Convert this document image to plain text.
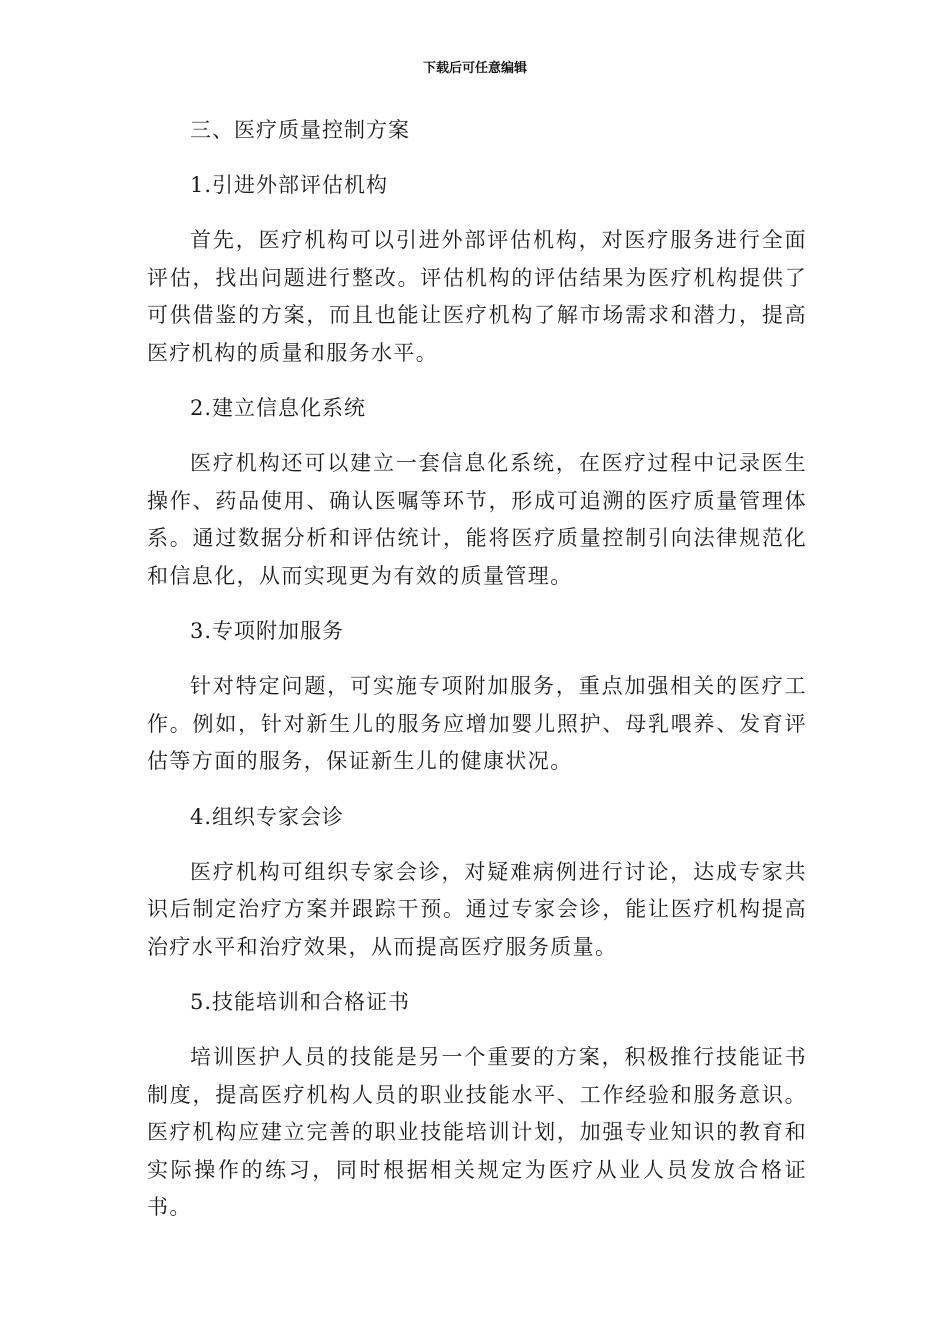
下载后可任意编辑
三、医疗质量控制方案
1.引进外部评估机构
首先，医疗机构可以引进外部评估机构，对医疗服务进行全面评估，找出问题进行整改。评估机构的评估结果为医疗机构提供了可供借鉴的方案，而且也能让医疗机构了解市场需求和潜力，提高医疗机构的质量和服务水平。
2.建立信息化系统
医疗机构还可以建立一套信息化系统，在医疗过程中记录医生操作、药品使用、确认医嘱等环节，形成可追溯的医疗质量管理体系。通过数据分析和评估统计，能将医疗质量控制引向法律规范化和信息化，从而实现更为有效的质量管理。
3.专项附加服务
针对特定问题，可实施专项附加服务，重点加强相关的医疗工作。例如，针对新生儿的服务应增加婴儿照护、母乳喂养、发育评估等方面的服务，保证新生儿的健康状况。
4.组织专家会诊
医疗机构可组织专家会诊，对疑难病例进行讨论，达成专家共识后制定治疗方案并跟踪干预。通过专家会诊，能让医疗机构提高治疗水平和治疗效果，从而提高医疗服务质量。
5.技能培训和合格证书
培训医护人员的技能是另一个重要的方案，积极推行技能证书制度，提高医疗机构人员的职业技能水平、工作经验和服务意识。医疗机构应建立完善的职业技能培训计划，加强专业知识的教育和实际操作的练习，同时根据相关规定为医疗从业人员发放合格证书。
